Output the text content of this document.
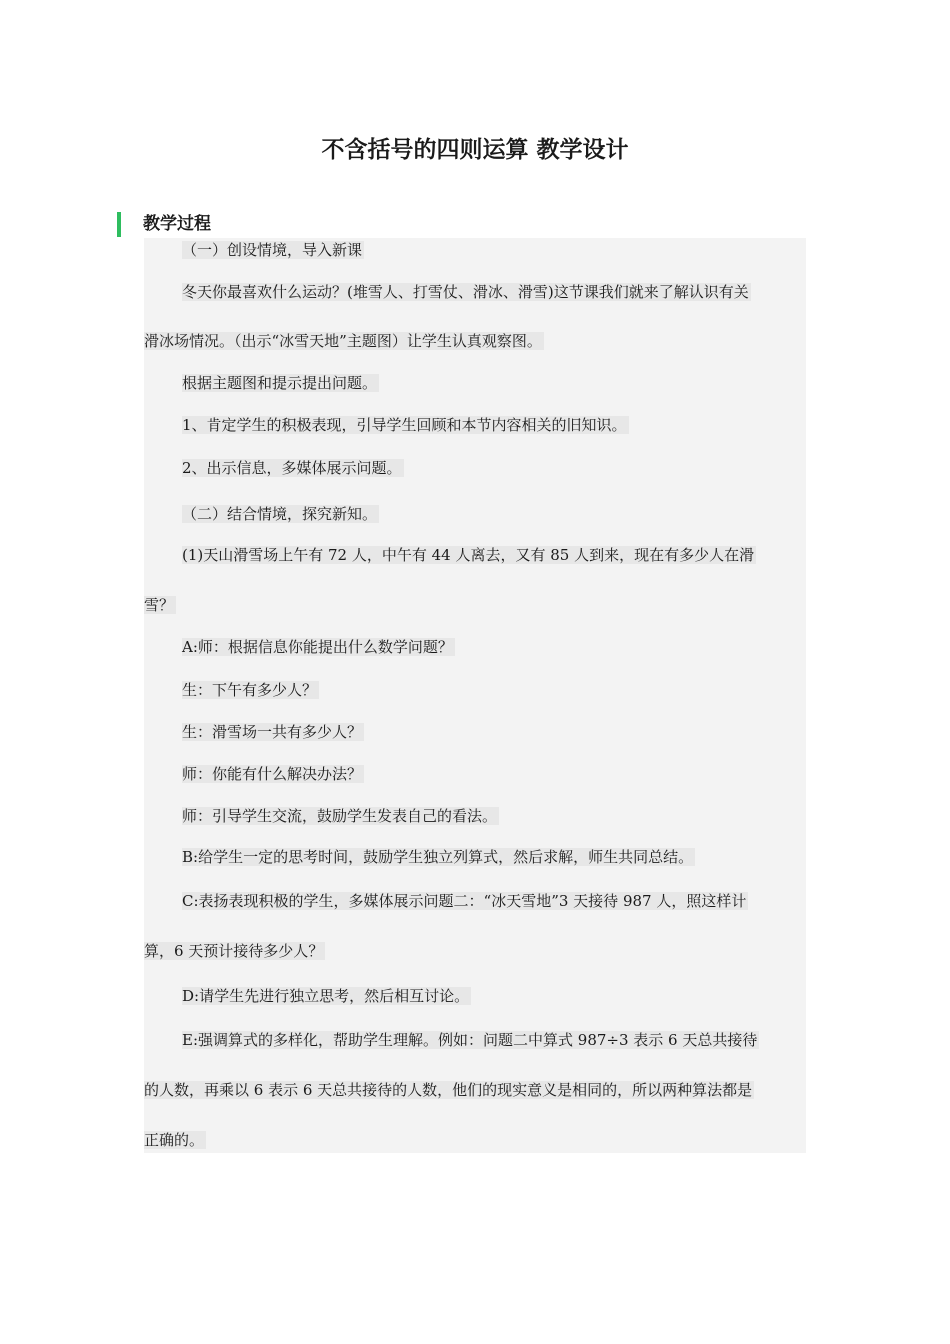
不含括号的四则运算 教学设计
教学过程
（一）创设情境，导入新课
冬天你最喜欢什么运动？(堆雪人、打雪仗、滑冰、滑雪)这节课我们就来了解认识有关
滑冰场情况。（出示“冰雪天地”主题图）让学生认真观察图。
根据主题图和提示提出问题。
1、肯定学生的积极表现，引导学生回顾和本节内容相关的旧知识。
2、出示信息，多媒体展示问题。
（二）结合情境，探究新知。
(1)天山滑雪场上午有 72 人，中午有 44 人离去，又有 85 人到来，现在有多少人在滑
雪？
A:师：根据信息你能提出什么数学问题？
生：下午有多少人？
生：滑雪场一共有多少人？
师：你能有什么解决办法？
师：引导学生交流，鼓励学生发表自己的看法。
B:给学生一定的思考时间，鼓励学生独立列算式，然后求解，师生共同总结。
C:表扬表现积极的学生，多媒体展示问题二：“冰天雪地”3 天接待 987 人，照这样计
算，6 天预计接待多少人？
D:请学生先进行独立思考，然后相互讨论。
E:强调算式的多样化，帮助学生理解。例如：问题二中算式 987÷3 表示 6 天总共接待
的人数，再乘以 6 表示 6 天总共接待的人数，他们的现实意义是相同的，所以两种算法都是
正确的。
